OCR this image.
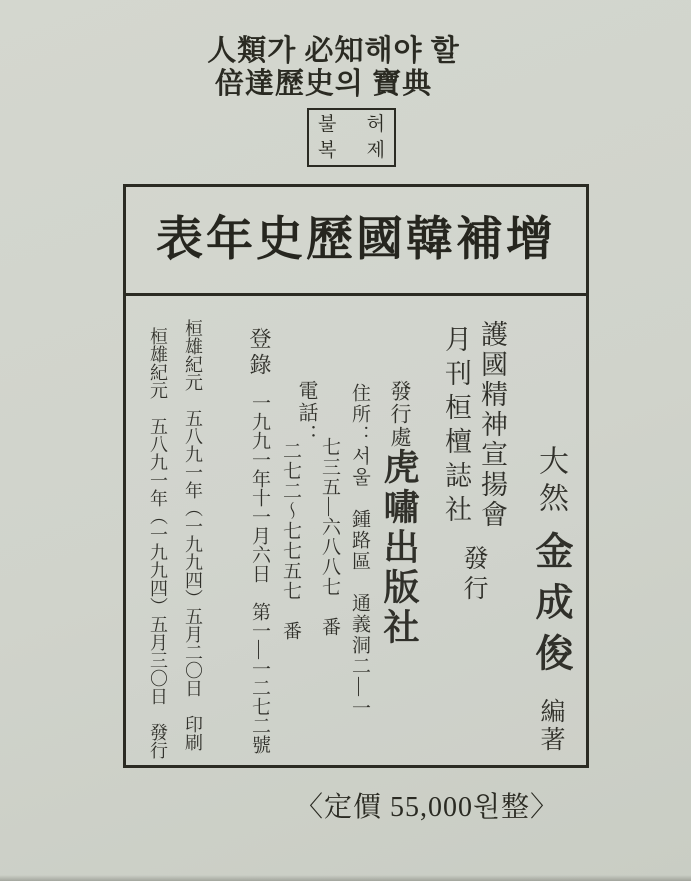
人類가 必知해야 할
倍達歷史의 寶典
불 허
복 제
表年史歷國韓補增
大然金成俊編著
護國精神宣揚會
月刊桓檀誌社
發行
發行處
虎嘯出版社
住所：서울　鍾路區　通義洞二—一
電話：
七三五—六八八七　番
二七二〜七七五七　番
登錄一九九一年十一月六日　第一—一二七二號
桓雄紀元　五八九一年（一九九四）五月二〇日　印刷
桓雄紀元　五八九一年（一九九四）五月三〇日　發行
〈定價 55,000원整〉
